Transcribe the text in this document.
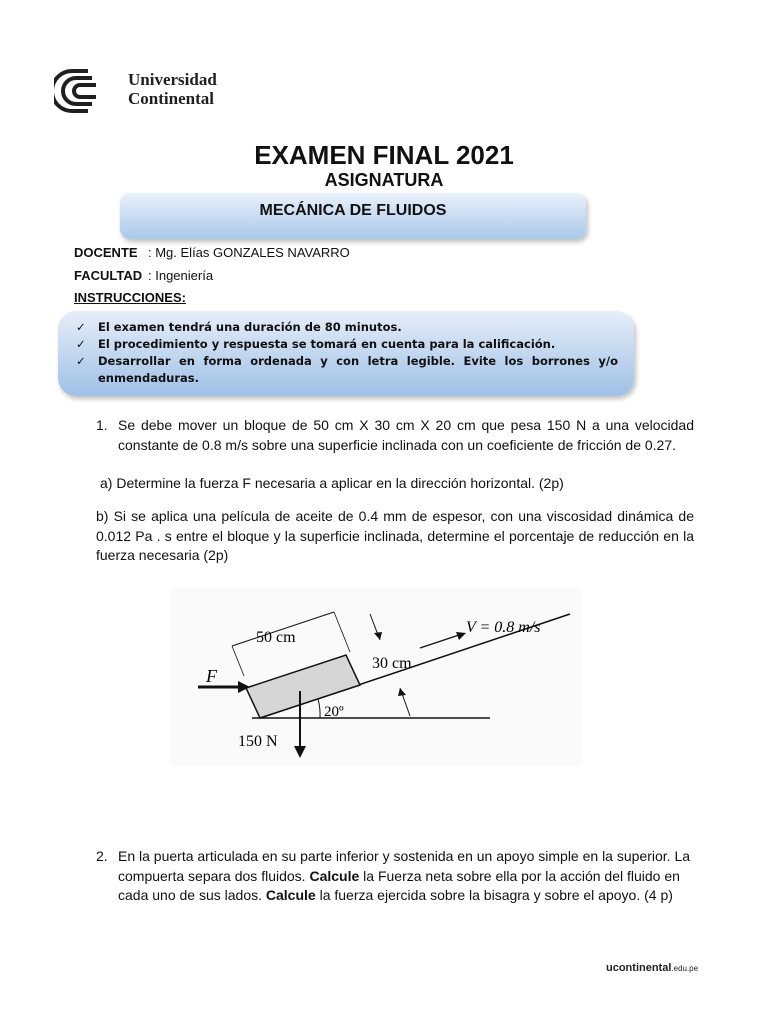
Universidad
Continental
EXAMEN FINAL 2021
ASIGNATURA
MECÁNICA DE FLUIDOS
DOCENTE : Mg. Elías GONZALES NAVARRO
FACULTAD : Ingeniería
INSTRUCCIONES:
✓	El examen tendrá una duración de 80 minutos.
✓	El procedimiento y respuesta se tomará en cuenta para la calificación.
✓	Desarrollar en forma ordenada y con letra legible. Evite los borrones y/o enmendaduras.
1. Se debe mover un bloque de 50 cm X 30 cm X 20 cm que pesa 150 N a una velocidad constante de 0.8 m/s sobre una superficie inclinada con un coeficiente de fricción de 0.27.
a) Determine la fuerza F necesaria a aplicar en la dirección horizontal. (2p)
b) Si se aplica una película de aceite de 0.4 mm de espesor, con una viscosidad dinámica de 0.012 Pa . s entre el bloque y la superficie inclinada, determine el porcentaje de reducción en la fuerza necesaria (2p)
50 cm
30 cm
V = 0.8 m/s
F
20º
150 N
2. En la puerta articulada en su parte inferior y sostenida en un apoyo simple en la superior. La compuerta separa dos fluidos. Calcule la Fuerza neta sobre ella por la acción del fluido en cada uno de sus lados. Calcule la fuerza ejercida sobre la bisagra y sobre el apoyo. (4 p)
ucontinental.edu.pe
